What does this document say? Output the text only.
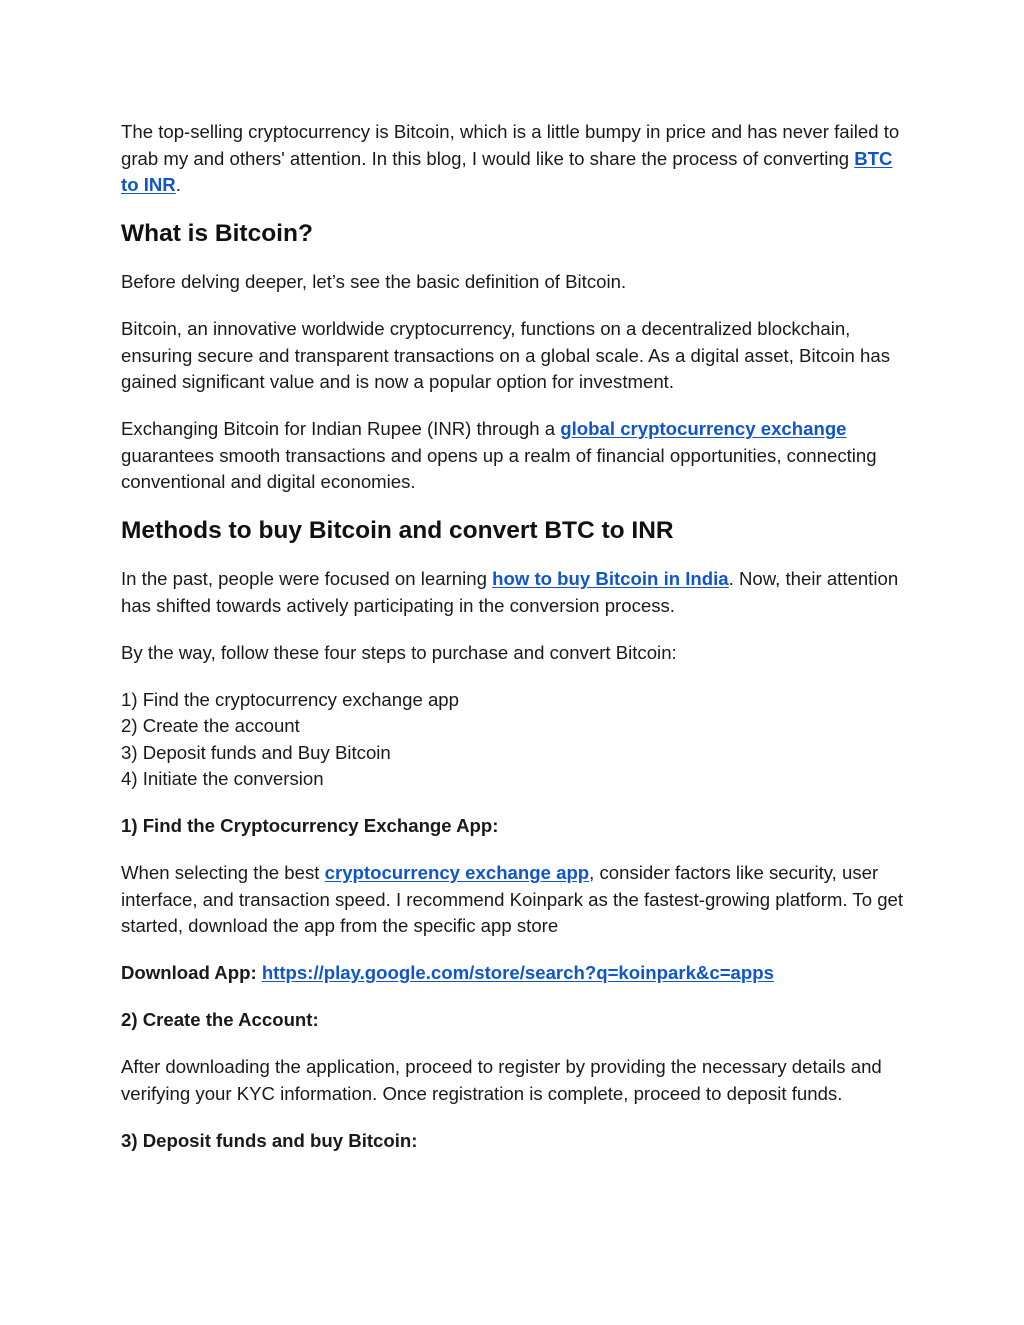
The top-selling cryptocurrency is Bitcoin, which is a little bumpy in price and has never failed to grab my and others' attention. In this blog, I would like to share the process of converting BTC to INR.

What is Bitcoin?

Before delving deeper, let’s see the basic definition of Bitcoin.

Bitcoin, an innovative worldwide cryptocurrency, functions on a decentralized blockchain, ensuring secure and transparent transactions on a global scale. As a digital asset, Bitcoin has gained significant value and is now a popular option for investment.

Exchanging Bitcoin for Indian Rupee (INR) through a global cryptocurrency exchange guarantees smooth transactions and opens up a realm of financial opportunities, connecting conventional and digital economies.

Methods to buy Bitcoin and convert BTC to INR

In the past, people were focused on learning how to buy Bitcoin in India. Now, their attention has shifted towards actively participating in the conversion process.

By the way, follow these four steps to purchase and convert Bitcoin:

1) Find the cryptocurrency exchange app
2) Create the account
3) Deposit funds and Buy Bitcoin
4) Initiate the conversion

1) Find the Cryptocurrency Exchange App:

When selecting the best cryptocurrency exchange app, consider factors like security, user interface, and transaction speed. I recommend Koinpark as the fastest-growing platform. To get started, download the app from the specific app store

Download App: https://play.google.com/store/search?q=koinpark&c=apps

2) Create the Account:

After downloading the application, proceed to register by providing the necessary details and verifying your KYC information. Once registration is complete, proceed to deposit funds.

3) Deposit funds and buy Bitcoin:
